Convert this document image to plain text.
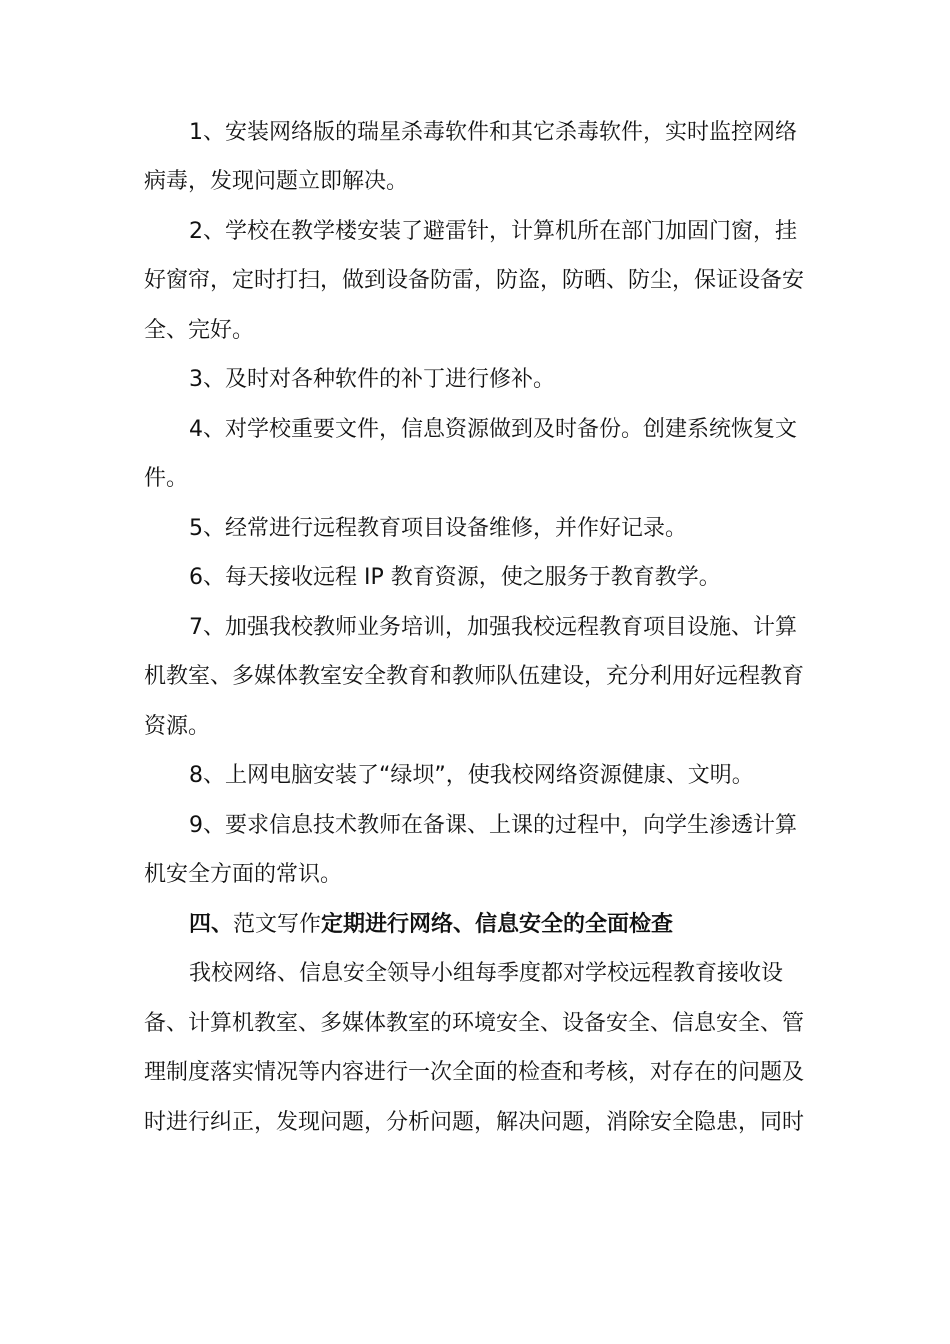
1、安装网络版的瑞星杀毒软件和其它杀毒软件，实时监控网络
病毒，发现问题立即解决。
2、学校在教学楼安装了避雷针，计算机所在部门加固门窗，挂
好窗帘，定时打扫，做到设备防雷，防盗，防晒、防尘，保证设备安
全、完好。
3、及时对各种软件的补丁进行修补。
4、对学校重要文件，信息资源做到及时备份。创建系统恢复文
件。
5、经常进行远程教育项目设备维修，并作好记录。
6、每天接收远程 IP 教育资源，使之服务于教育教学。
7、加强我校教师业务培训，加强我校远程教育项目设施、计算
机教室、多媒体教室安全教育和教师队伍建设，充分利用好远程教育
资源。
8、上网电脑安装了“绿坝”，使我校网络资源健康、文明。
9、要求信息技术教师在备课、上课的过程中，向学生渗透计算
机安全方面的常识。
四、范文写作定期进行网络、信息安全的全面检查
我校网络、信息安全领导小组每季度都对学校远程教育接收设
备、计算机教室、多媒体教室的环境安全、设备安全、信息安全、管
理制度落实情况等内容进行一次全面的检查和考核，对存在的问题及
时进行纠正，发现问题，分析问题，解决问题，消除安全隐患，同时
